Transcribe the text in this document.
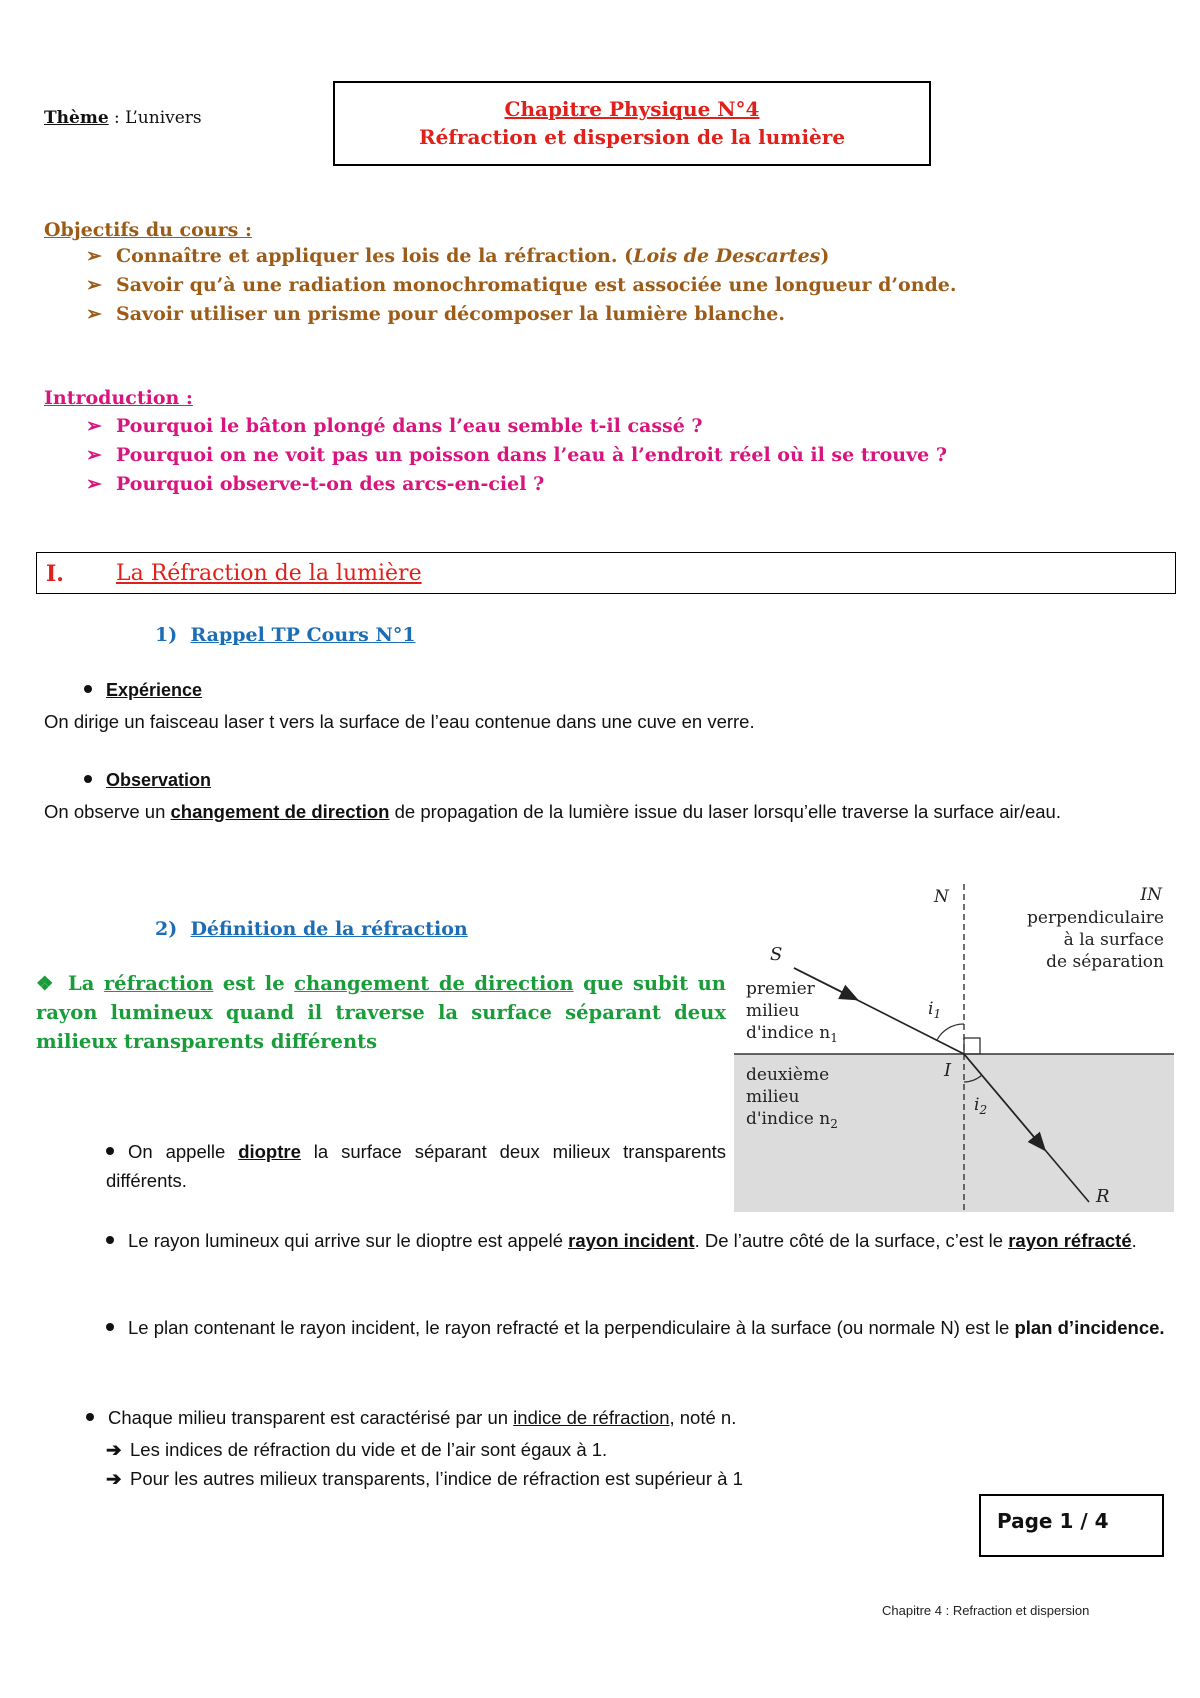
Thème : L’univers	Chapitre Physique N°4
Réfraction et dispersion de la lumière
Objectifs du cours :
➢ Connaître et appliquer les lois de la réfraction. (Lois de Descartes)
➢ Savoir qu’à une radiation monochromatique est associée une longueur d’onde.
➢ Savoir utiliser un prisme pour décomposer la lumière blanche.
Introduction :
➢ Pourquoi le bâton plongé dans l’eau semble t-il cassé ?
➢ Pourquoi on ne voit pas un poisson dans l’eau à l’endroit réel où il se trouve ?
➢ Pourquoi observe-t-on des arcs-en-ciel ?
I. La Réfraction de la lumière
1) Rappel TP Cours N°1
Expérience
On dirige un faisceau laser t vers la surface de l’eau contenue dans une cuve en verre.
Observation
On observe un changement de direction de propagation de la lumière issue du laser lorsqu’elle traverse la surface air/eau.
2) Définition de la réfraction
❖ La réfraction est le changement de direction que subit un rayon lumineux quand il traverse la surface séparant deux milieux transparents différents
On appelle dioptre la surface séparant deux milieux transparents différents.
Le rayon lumineux qui arrive sur le dioptre est appelé rayon incident. De l’autre côté de la surface, c’est le rayon réfracté.
Le plan contenant le rayon incident, le rayon refracté et la perpendiculaire à la surface (ou normale N) est le plan d’incidence.
Chaque milieu transparent est caractérisé par un indice de réfraction, noté n.
➔ Les indices de réfraction du vide et de l’air sont égaux à 1.
➔ Pour les autres milieux transparents, l’indice de réfraction est supérieur à 1
N	IN
perpendiculaire
à la surface
de séparation
S
premier
milieu
d'indice $n_1$
$i_1$
I
deuxième
milieu
d'indice $n_2$
$i_2$
R
Page 1 / 4
Chapitre 4 : Refraction et dispersion
